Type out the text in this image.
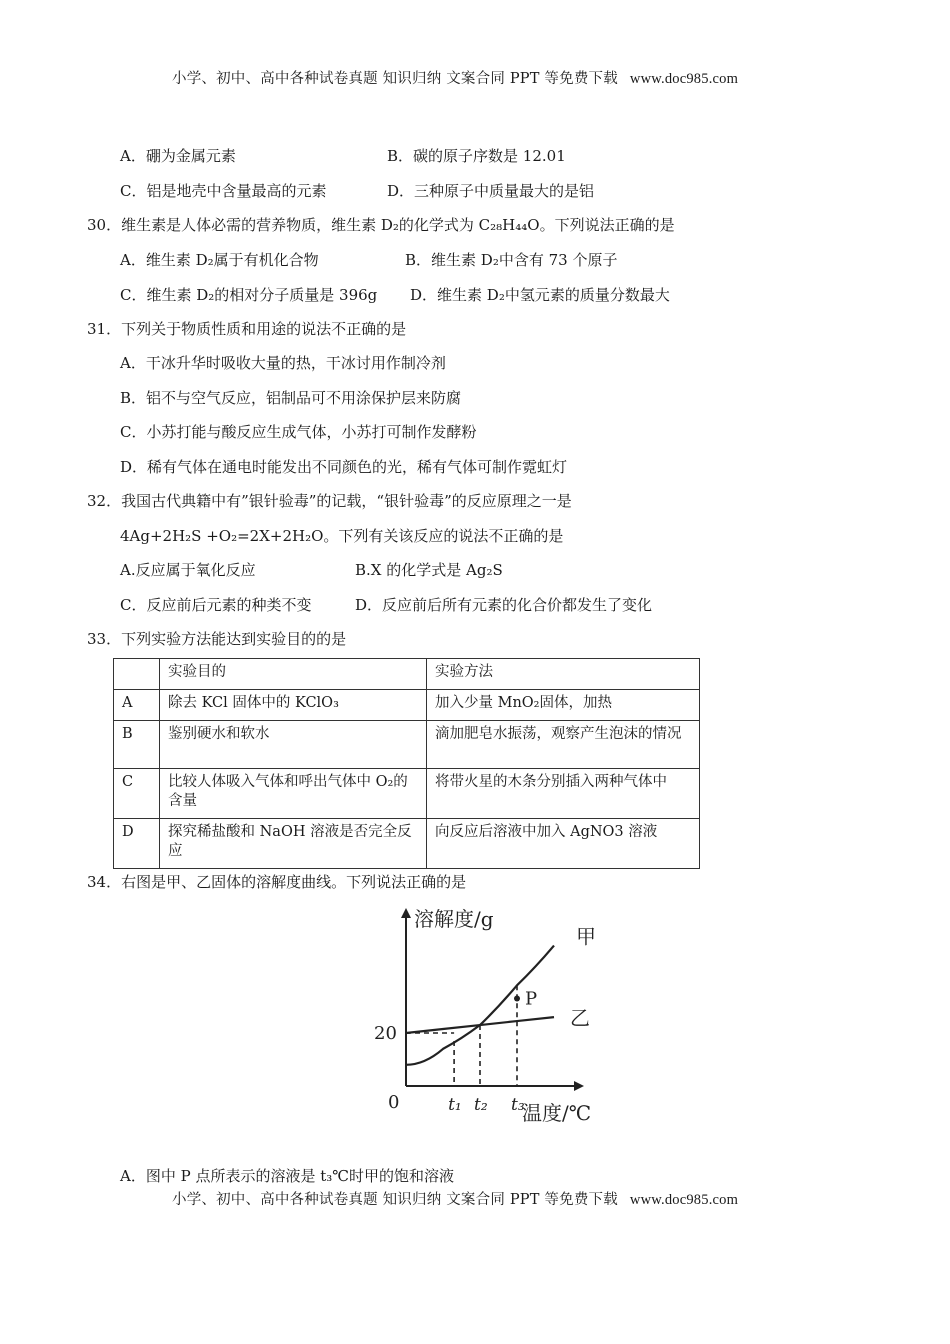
小学、初中、高中各种试卷真题 知识归纳 文案合同 PPT 等免费下载 www.doc985.com
A．硼为金属元素	B．碳的原子序数是 12.01
C．铝是地壳中含量最高的元素	D．三种原子中质量最大的是铝
30．维生素是人体必需的营养物质，维生素 D₂的化学式为 C₂₈H₄₄O。下列说法正确的是
A．维生素 D₂属于有机化合物	B．维生素 D₂中含有 73 个原子
C．维生素 D₂的相对分子质量是 396g D．维生素 D₂中氢元素的质量分数最大
31．下列关于物质性质和用途的说法不正确的是
A．干冰升华时吸收大量的热，干冰讨用作制冷剂
B．铝不与空气反应，铝制品可不用涂保护层来防腐
C．小苏打能与酸反应生成气体，小苏打可制作发酵粉
D．稀有气体在通电时能发出不同颜色的光，稀有气体可制作霓虹灯
32．我国古代典籍中有”银针验毒”的记载，“银针验毒”的反应原理之一是
4Ag+2H₂S +O₂=2X+2H₂O。下列有关该反应的说法不正确的是
A.反应属于氧化反应	B.X 的化学式是 Ag₂S
C．反应前后元素的种类不变	D．反应前后所有元素的化合价都发生了变化
33．下列实验方法能达到实验目的的是
	实验目的	实验方法
A	除去 KCl 固体中的 KClO₃	加入少量 MnO₂固体，加热
B	鉴别硬水和软水	滴加肥皂水振荡，观察产生泡沫的情况
C	比较人体吸入气体和呼出气体中 O₂的含量	将带火星的木条分别插入两种气体中
D	探究稀盐酸和 NaOH 溶液是否完全反应	向反应后溶液中加入 AgNO3 溶液
34．右图是甲、乙固体的溶解度曲线。下列说法正确的是
溶解度/g
温度/℃
0
20
甲
乙
t₁ t₂ t₃
P
A．图中 P 点所表示的溶液是 t₃℃时甲的饱和溶液
小学、初中、高中各种试卷真题 知识归纳 文案合同 PPT 等免费下载 www.doc985.com
